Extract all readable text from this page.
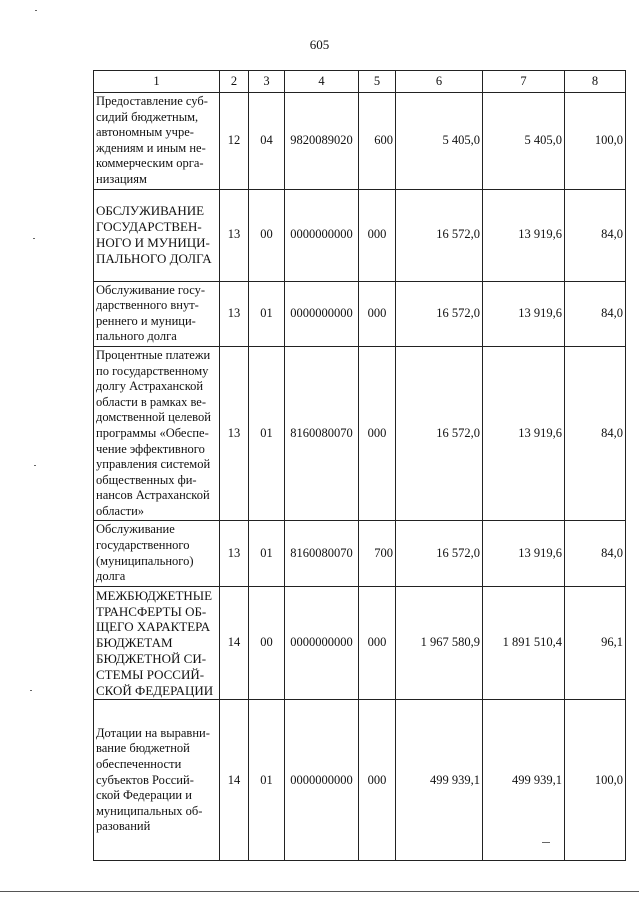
605
1	2	3	4	5	6	7	8
Предоставление суб-сидий бюджетным, автономным учре-ждениям и иным не-коммерческим орга-низациям	12	04	9820089020	600	5 405,0	5 405,0	100,0
ОБСЛУЖИВАНИЕ ГОСУДАРСТВЕН-НОГО И МУНИЦИ-ПАЛЬНОГО ДОЛГА	13	00	0000000000	000	16 572,0	13 919,6	84,0
Обслуживание госу-дарственного внут-реннего и муници-пального долга	13	01	0000000000	000	16 572,0	13 919,6	84,0
Процентные платежи по государственному долгу Астраханской области в рамках ве-домственной целевой программы «Обеспе-чение эффективного управления системой общественных фи-нансов Астраханской области»	13	01	8160080070	000	16 572,0	13 919,6	84,0
Обслуживание государственного (муниципального) долга	13	01	8160080070	700	16 572,0	13 919,6	84,0
МЕЖБЮДЖЕТНЫЕ ТРАНСФЕРТЫ ОБ-ЩЕГО ХАРАКТЕРА БЮДЖЕТАМ БЮДЖЕТНОЙ СИ-СТЕМЫ РОССИЙ-СКОЙ ФЕДЕРАЦИИ	14	00	0000000000	000	1 967 580,9	1 891 510,4	96,1
Дотации на выравни-вание бюджетной обеспеченности субъектов Россий-ской Федерации и муниципальных об-разований	14	01	0000000000	000	499 939,1	499 939,1	100,0
